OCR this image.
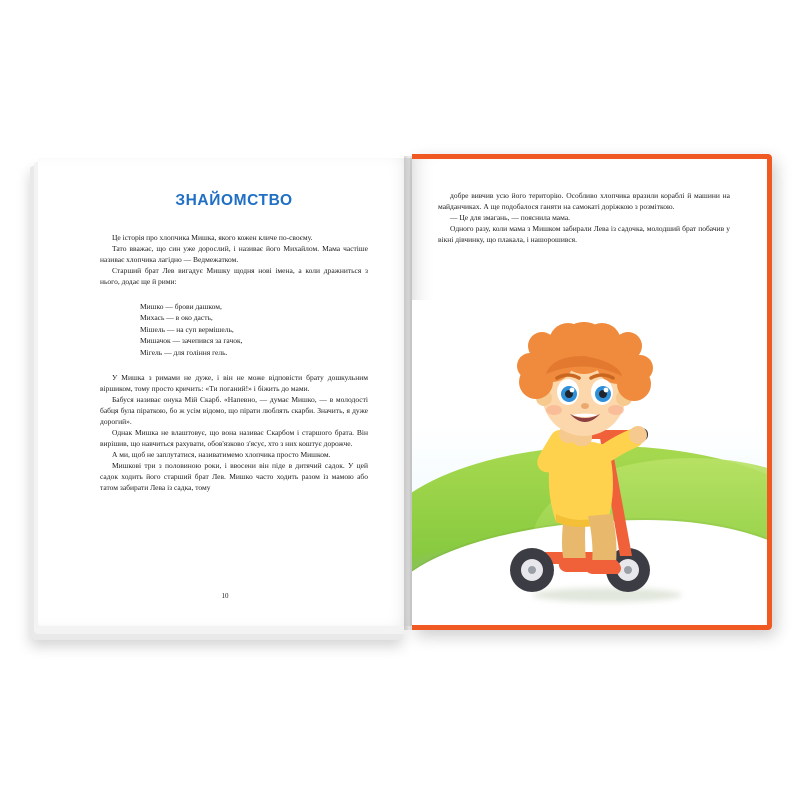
ЗНАЙОМСТВО

Це історія про хлопчика Мишка, якого кожен кличе по-своєму.

Тато вважає, що син уже дорослий, і називає його Михайлом. Мама частіше називає хлопчика лагідно — Ведмежатком.

Старший брат Лев вигадує Мишку щодня нові імена, а коли дражниться з нього, додає ще й рими:

Мишко — брови дашком,
Михась — в око дасть,
Мішель — на суп вермішель,
Мишачок — зачепився за гачок,
Мігель — для гоління гель.

У Мишка з римами не дуже, і він не може відповісти брату дошкульним віршиком, тому просто кричить: «Ти поганий!» і біжить до мами.

Бабуся називає онука Мій Скарб. «Напевно, — думає Мишко, — в молодості бабця була піраткою, бо ж усім відомо, що пірати люблять скарби. Значить, я дуже дорогий».

Однак Мишка не влаштовує, що вона називає Скарбом і старшого брата. Він вирішив, що навчиться рахувати, обов'язково з'ясує, хто з них коштує дорожче.

А ми, щоб не заплутатися, називатимемо хлопчика просто Мишком.

Мишкові три з половиною роки, і ввосени він піде в дитячий садок. У цей садок ходить його старший брат Лев. Мишко часто ходить разом із мамою або татом забирати Лева із садка, тому

10

добре вивчив усю його територію. Особливо хлопчика вразили кораблі й машини на майданчиках. А ще подобалося ганяти на самокаті доріжкою з розміткою.

— Це для змагань, — пояснила мама.

Одного разу, коли мама з Мишком забирали Лева із садочка, молодший брат побачив у вікні дівчинку, що плакала, і нашорошився.
